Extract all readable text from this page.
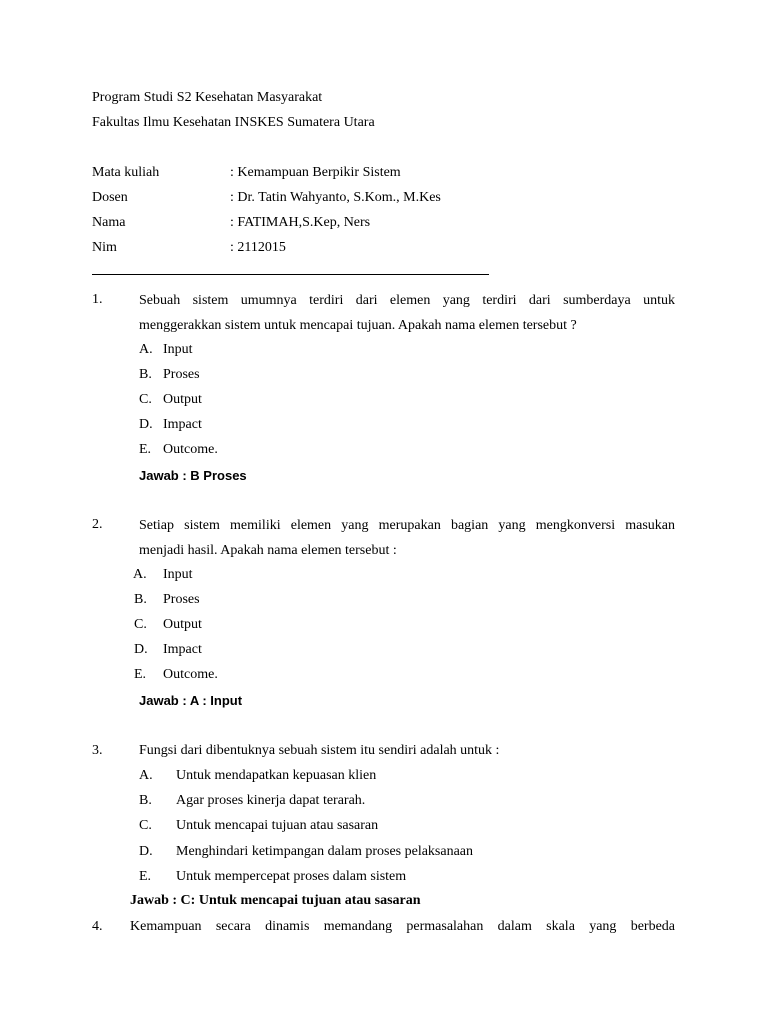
Program Studi S2 Kesehatan Masyarakat
Fakultas Ilmu Kesehatan INSKES Sumatera Utara
Mata kuliah	: Kemampuan Berpikir Sistem
Dosen	: Dr. Tatin Wahyanto, S.Kom., M.Kes
Nama	: FATIMAH,S.Kep, Ners
Nim	: 2112015
1.	Sebuah sistem umumnya terdiri dari elemen yang terdiri dari sumberdaya untuk
menggerakkan sistem untuk mencapai tujuan. Apakah nama elemen tersebut ?
A. Input
B. Proses
C. Output
D. Impact
E. Outcome.
Jawab : B Proses
2.	Setiap sistem memiliki elemen yang merupakan bagian yang mengkonversi masukan
menjadi hasil. Apakah nama elemen tersebut :
A. Input
B. Proses
C. Output
D. Impact
E. Outcome.
Jawab : A : Input
3.	Fungsi dari dibentuknya sebuah sistem itu sendiri adalah untuk :
A. Untuk mendapatkan kepuasan klien
B. Agar proses kinerja dapat terarah.
C. Untuk mencapai tujuan atau sasaran
D. Menghindari ketimpangan dalam proses pelaksanaan
E. Untuk mempercepat proses dalam sistem
Jawab : C: Untuk mencapai tujuan atau sasaran
4. Kemampuan secara dinamis memandang permasalahan dalam skala yang berbeda
